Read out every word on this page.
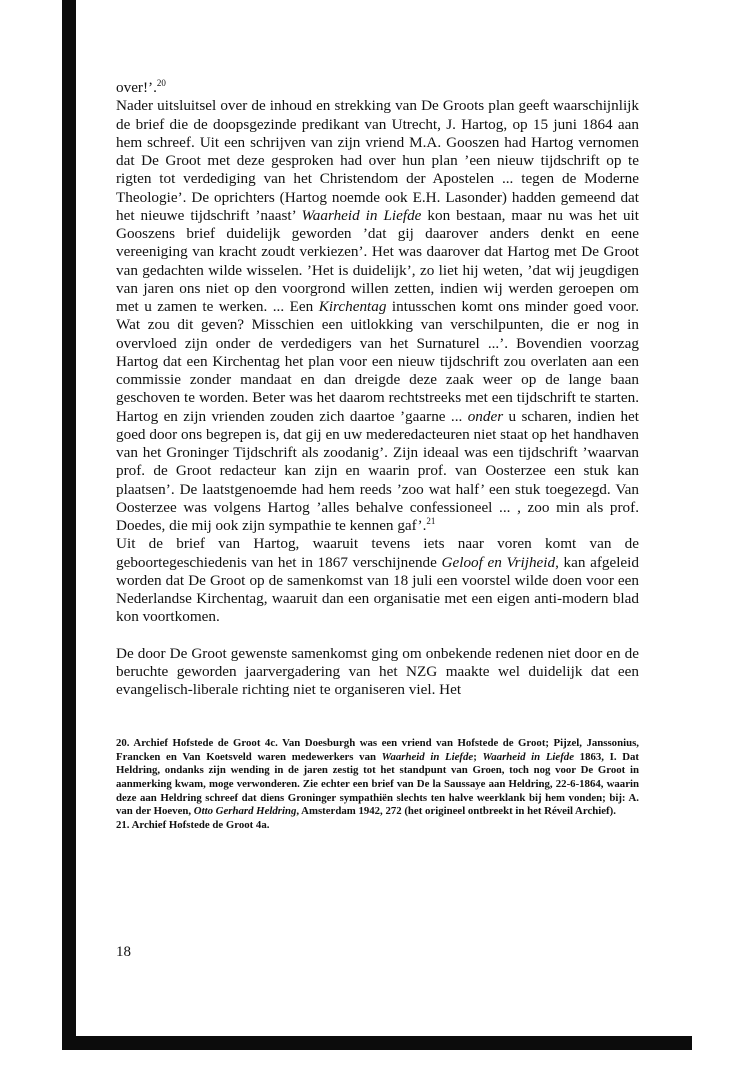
over!’.$^{20}$

Nader uitsluitsel over de inhoud en strekking van De Groots plan geeft waarschijnlijk de brief die de doopsgezinde predikant van Utrecht, J. Hartog, op 15 juni 1864 aan hem schreef. Uit een schrijven van zijn vriend M.A. Gooszen had Hartog vernomen dat De Groot met deze gesproken had over hun plan ’een nieuw tijdschrift op te rigten tot verdediging van het Christendom der Apostelen ... tegen de Moderne Theologie’. De oprichters (Hartog noemde ook E.H. Lasonder) hadden gemeend dat het nieuwe tijdschrift ’naast’ Waarheid in Liefde kon bestaan, maar nu was het uit Gooszens brief duidelijk geworden ’dat gij daarover anders denkt en eene vereeniging van kracht zoudt verkiezen’. Het was daarover dat Hartog met De Groot van gedachten wilde wisselen. ’Het is duidelijk’, zo liet hij weten, ’dat wij jeugdigen van jaren ons niet op den voorgrond willen zetten, indien wij werden geroepen om met u zamen te werken. ... Een Kirchentag intusschen komt ons minder goed voor. Wat zou dit geven? Misschien een uitlokking van verschilpunten, die er nog in overvloed zijn onder de verdedigers van het Surnaturel ...’. Bovendien voorzag Hartog dat een Kirchentag het plan voor een nieuw tijdschrift zou overlaten aan een commissie zonder mandaat en dan dreigde deze zaak weer op de lange baan geschoven te worden. Beter was het daarom rechtstreeks met een tijdschrift te starten. Hartog en zijn vrienden zouden zich daartoe ’gaarne ... onder u scharen, indien het goed door ons begrepen is, dat gij en uw mederedacteuren niet staat op het handhaven van het Groninger Tijdschrift als zoodanig’. Zijn ideaal was een tijdschrift ’waarvan prof. de Groot redacteur kan zijn en waarin prof. van Oosterzee een stuk kan plaatsen’. De laatstgenoemde had hem reeds ’zoo wat half’ een stuk toegezegd. Van Oosterzee was volgens Hartog ’alles behalve confessioneel ... , zoo min als prof. Doedes, die mij ook zijn sympathie te kennen gaf’.$^{21}$

Uit de brief van Hartog, waaruit tevens iets naar voren komt van de geboortegeschiedenis van het in 1867 verschijnende Geloof en Vrijheid, kan afgeleid worden dat De Groot op de samenkomst van 18 juli een voorstel wilde doen voor een Nederlandse Kirchentag, waaruit dan een organisatie met een eigen anti-modern blad kon voortkomen.

De door De Groot gewenste samenkomst ging om onbekende redenen niet door en de beruchte geworden jaarvergadering van het NZG maakte wel duidelijk dat een evangelisch-liberale richting niet te organiseren viel. Het

20. Archief Hofstede de Groot 4c. Van Doesburgh was een vriend van Hofstede de Groot; Pijzel, Janssonius, Francken en Van Koetsveld waren medewerkers van Waarheid in Liefde; Waarheid in Liefde 1863, I. Dat Heldring, ondanks zijn wending in de jaren zestig tot het standpunt van Groen, toch nog voor De Groot in aanmerking kwam, moge verwonderen. Zie echter een brief van De la Saussaye aan Heldring, 22-6-1864, waarin deze aan Heldring schreef dat diens Groninger sympathiën slechts ten halve weerklank bij hem vonden; bij: A. van der Hoeven, Otto Gerhard Heldring, Amsterdam 1942, 272 (het origineel ontbreekt in het Réveil Archief).

21. Archief Hofstede de Groot 4a.

18
